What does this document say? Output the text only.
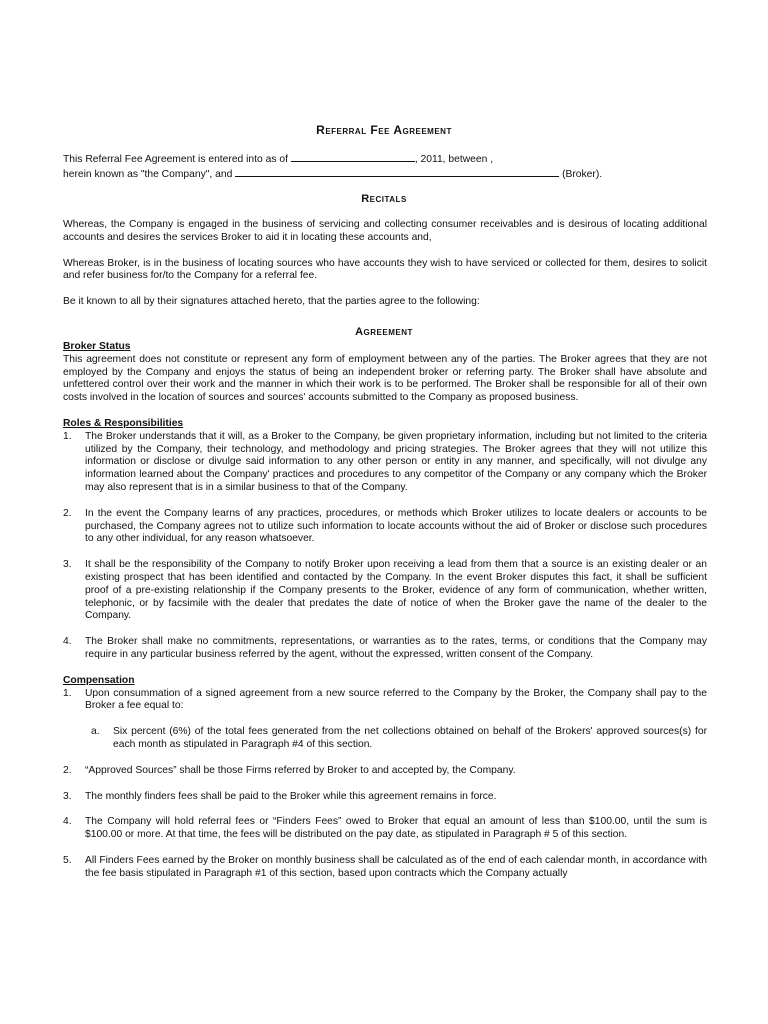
Referral Fee Agreement
This Referral Fee Agreement is entered into as of	, 2011, between ,
herein known as "the Company", and	(Broker).
Recitals

Whereas, the Company is engaged in the business of servicing and collecting consumer receivables and is desirous of locating additional accounts and desires the services Broker to aid it in locating these accounts and,

Whereas Broker, is in the business of locating sources who have accounts they wish to have serviced or collected for them, desires to solicit and refer business for/to the Company for a referral fee.

Be it known to all by their signatures attached hereto, that the parties agree to the following:

Agreement
Broker Status

This agreement does not constitute or represent any form of employment between any of the parties. The Broker agrees that they are not employed by the Company and enjoys the status of being an independent broker or referring party. The Broker shall have absolute and unfettered control over their work and the manner in which their work is to be performed. The Broker shall be responsible for all of their own costs involved in the location of sources and sources' accounts submitted to the Company as proposed business.

Roles & Responsibilities
1. The Broker understands that it will, as a Broker to the Company, be given proprietary information, including but not limited to the criteria utilized by the Company, their technology, and methodology and pricing strategies. The Broker agrees that they will not utilize this information or disclose or divulge said information to any other person or entity in any manner, and specifically, will not divulge any information learned about the Company' practices and procedures to any competitor of the Company or any company which the Broker may also represent that is in a similar business to that of the Company.
2. In the event the Company learns of any practices, procedures, or methods which Broker utilizes to locate dealers or accounts to be purchased, the Company agrees not to utilize such information to locate accounts without the aid of Broker or disclose such procedures to any other individual, for any reason whatsoever.
3. It shall be the responsibility of the Company to notify Broker upon receiving a lead from them that a source is an existing dealer or an existing prospect that has been identified and contacted by the Company. In the event Broker disputes this fact, it shall be sufficient proof of a pre-existing relationship if the Company presents to the Broker, evidence of any form of communication, whether written, telephonic, or by facsimile with the dealer that predates the date of notice of when the Broker gave the name of the dealer to the Company.
4. The Broker shall make no commitments, representations, or warranties as to the rates, terms, or conditions that the Company may require in any particular business referred by the agent, without the expressed, written consent of the Company.
Compensation
1. Upon consummation of a signed agreement from a new source referred to the Company by the Broker, the Company shall pay to the Broker a fee equal to:
a. Six percent (6%) of the total fees generated from the net collections obtained on behalf of the Brokers' approved sources(s) for each month as stipulated in Paragraph #4 of this section.
2. “Approved Sources” shall be those Firms referred by Broker to and accepted by, the Company.
3. The monthly finders fees shall be paid to the Broker while this agreement remains in force.
4. The Company will hold referral fees or “Finders Fees” owed to Broker that equal an amount of less than $100.00, until the sum is $100.00 or more. At that time, the fees will be distributed on the pay date, as stipulated in Paragraph # 5 of this section.
5. All Finders Fees earned by the Broker on monthly business shall be calculated as of the end of each calendar month, in accordance with the fee basis stipulated in Paragraph #1 of this section, based upon contracts which the Company actually
